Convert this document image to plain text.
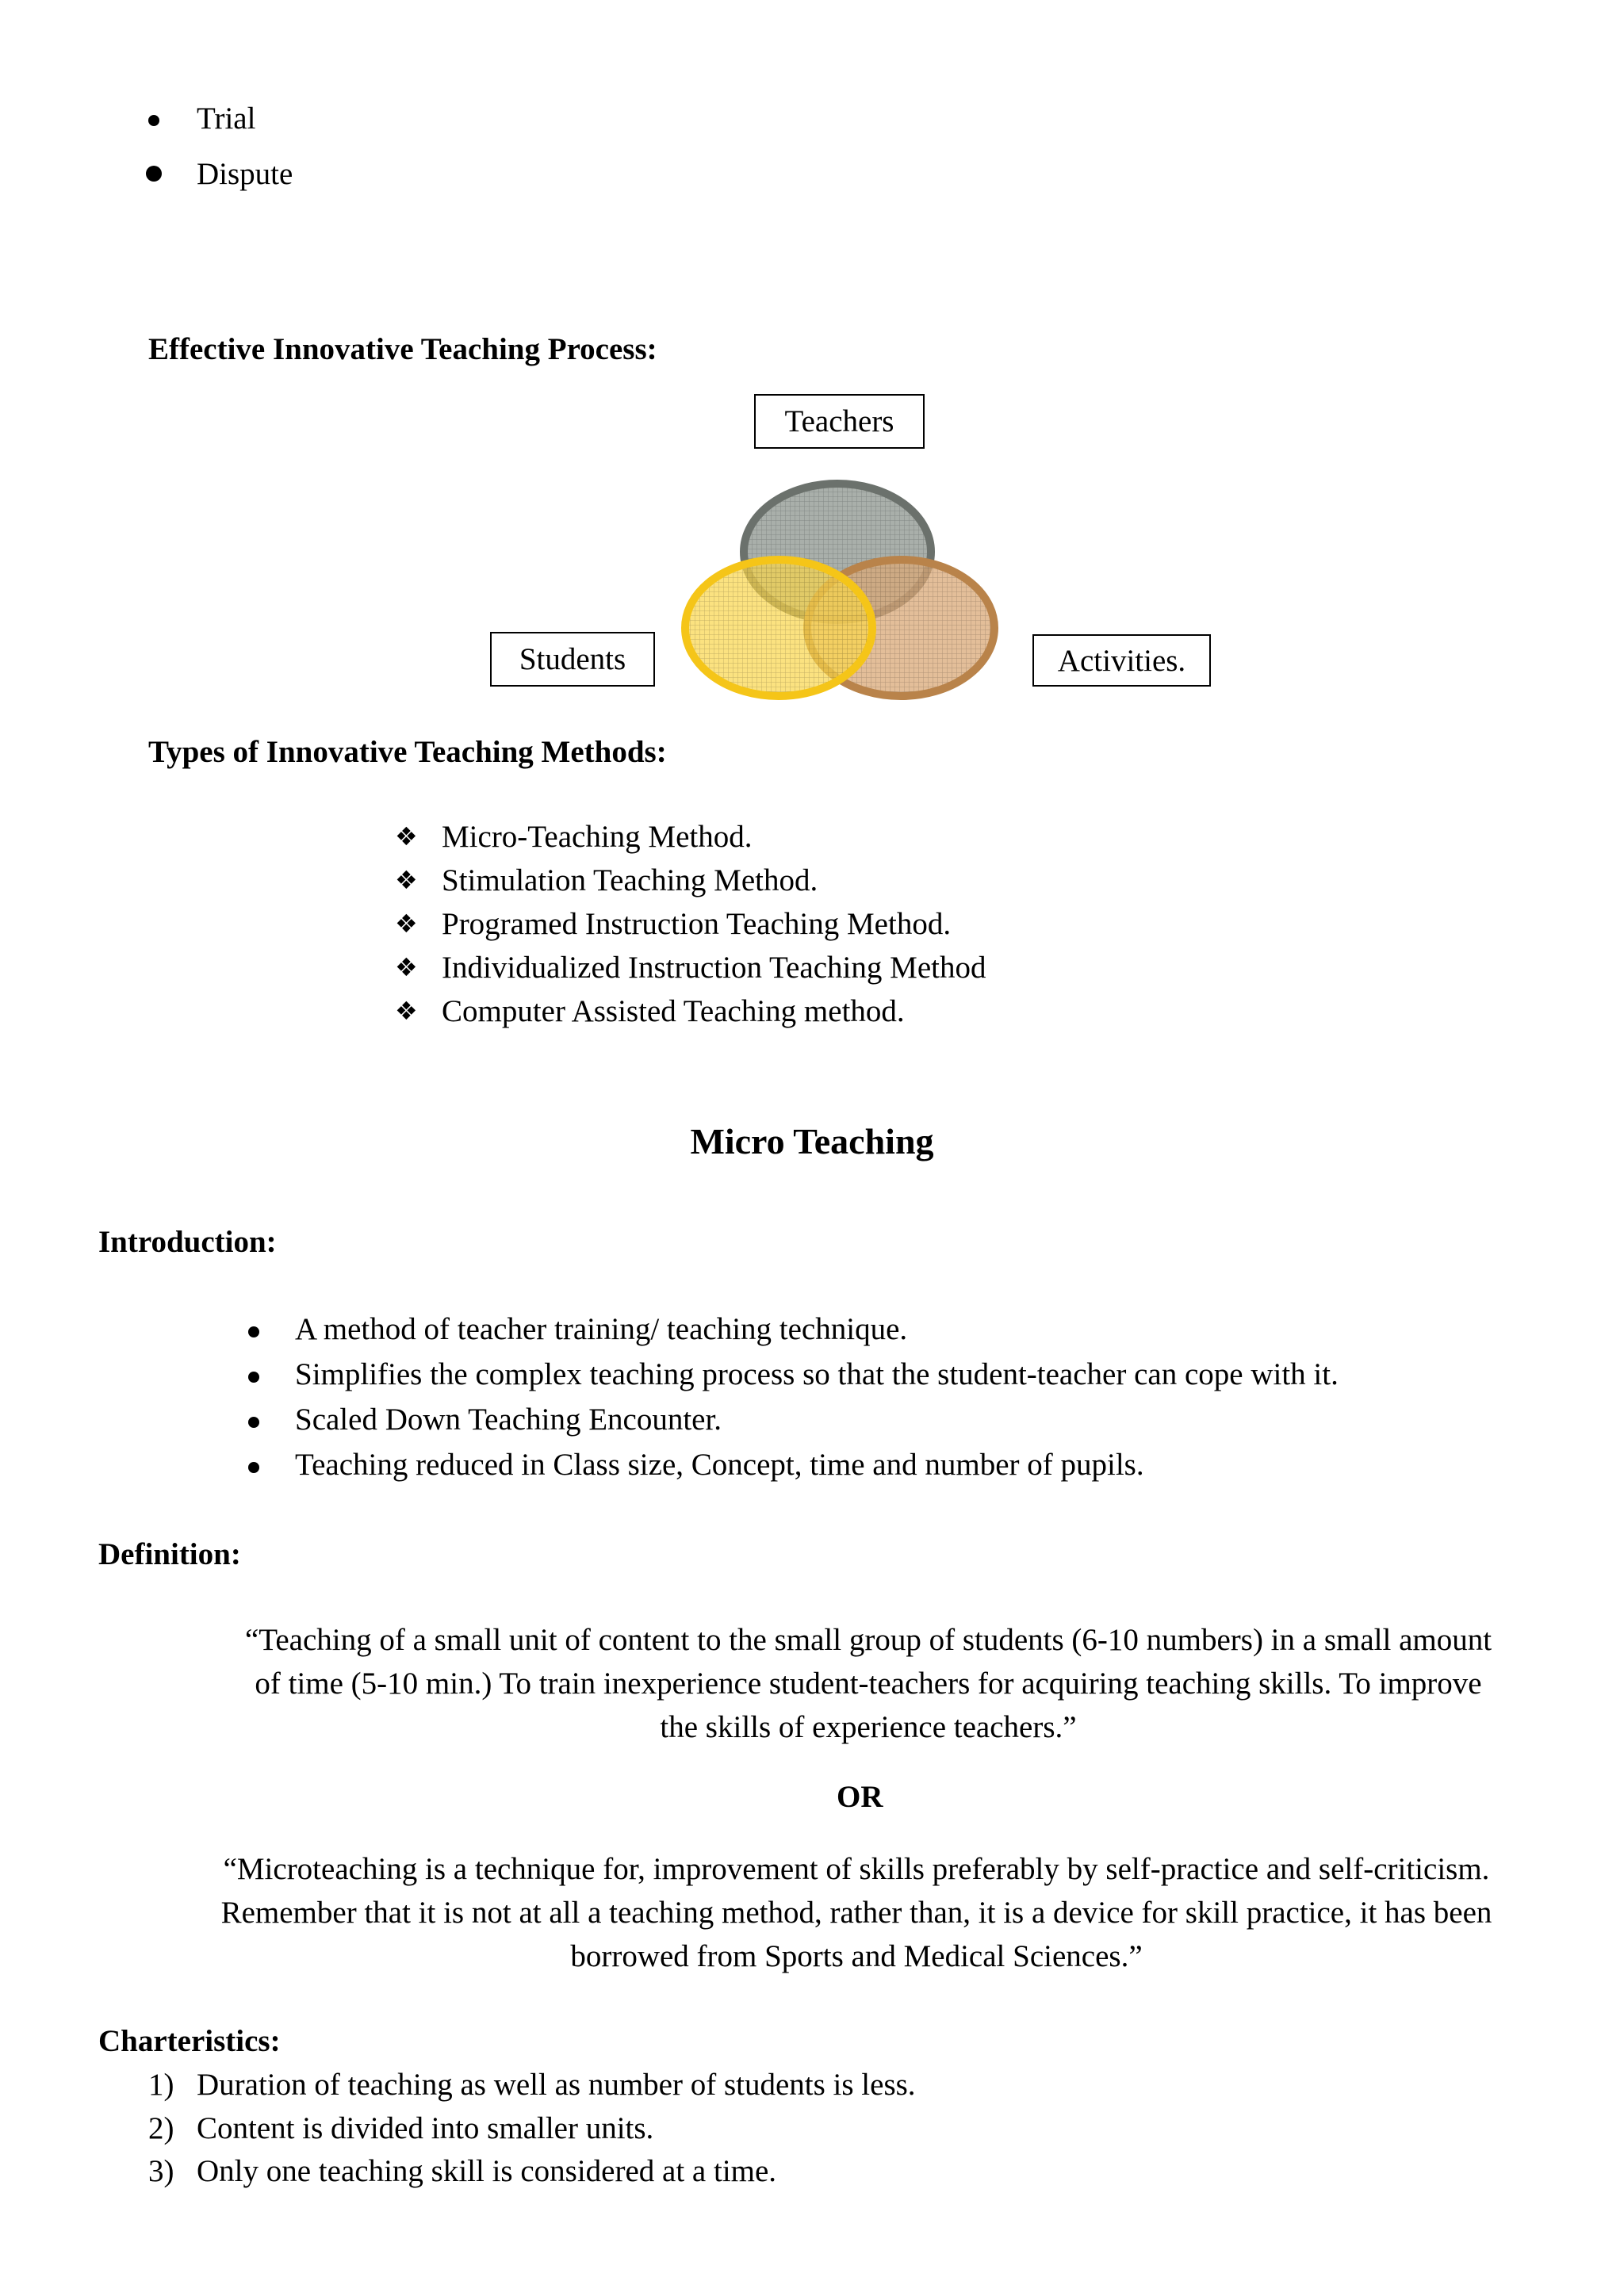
Trial

Dispute

Effective Innovative Teaching Process:

Teachers
Students	Activities.

Types of Innovative Teaching Methods:

❖ Micro-Teaching Method.

❖ Stimulation Teaching Method.

❖ Programed Instruction Teaching Method.

❖ Individualized Instruction Teaching Method

❖ Computer Assisted Teaching method.

Micro Teaching

Introduction:

A method of teacher training/ teaching technique.

Simplifies the complex teaching process so that the student-teacher can cope with it.

Scaled Down Teaching Encounter.

Teaching reduced in Class size, Concept, time and number of pupils.

Definition:

“Teaching of a small unit of content to the small group of students (6-10 numbers) in a small amount
of time (5-10 min.) To train inexperience student-teachers for acquiring teaching skills. To improve
the skills of experience teachers.”

OR

“Microteaching is a technique for, improvement of skills preferably by self-practice and self-criticism.
Remember that it is not at all a teaching method, rather than, it is a device for skill practice, it has been
borrowed from Sports and Medical Sciences.”

Charteristics:

1) Duration of teaching as well as number of students is less.

2) Content is divided into smaller units.

3) Only one teaching skill is considered at a time.
